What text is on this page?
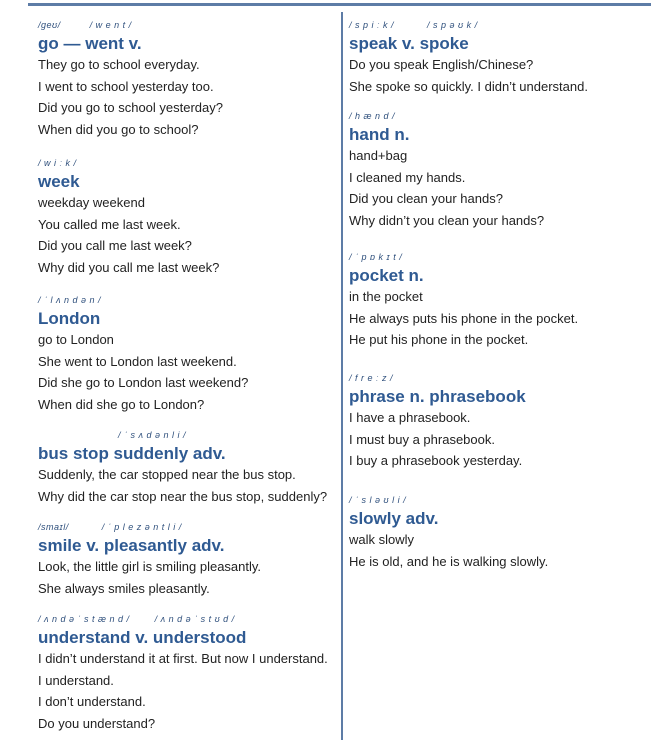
/geʊ/	/ w e n t /
go — went v.
They go to school everyday.
I went to school yesterday too.
Did you go to school yesterday?
When did you go to school?
/ w i ː k /
week
weekday weekend
You called me last week.
Did you call me last week?
Why did you call me last week?
/ ˈ l ʌ n d ə n /
London
go to London
She went to London last weekend.
Did she go to London last weekend?
When did she go to London?
/ ˈ s ʌ d ə n l i /
bus stop suddenly adv.
Suddenly, the car stopped near the bus stop.
Why did the car stop near the bus stop, suddenly?
/smaɪl/	/ ˈ p l e z ə n t l i /
smile v. pleasantly adv.
Look, the little girl is smiling pleasantly.
She always smiles pleasantly.
/ ʌ n d ə ˈ s t æ n d /	/ ʌ n d ə ˈ s t ʊ d /
understand v. understood
I didn’t understand it at first. But now I understand.
I understand.
I don’t understand.
Do you understand?
/ s p i ː k /	/ s p ə ʊ k /
speak v. spoke
Do you speak English/Chinese?
She spoke so quickly. I didn’t understand.
/ h æ n d /
hand n.
hand+bag
I cleaned my hands.
Did you clean your hands?
Why didn’t you clean your hands?
/ ˈ p ɒ k ɪ t /
pocket n.
in the pocket
He always puts his phone in the pocket.
He put his phone in the pocket.
/ f r e ː z /
phrase n. phrasebook
I have a phrasebook.
I must buy a phrasebook.
I buy a phrasebook yesterday.
/ ˈ s l ə ʊ l i /
slowly adv.
walk slowly
He is old, and he is walking slowly.
